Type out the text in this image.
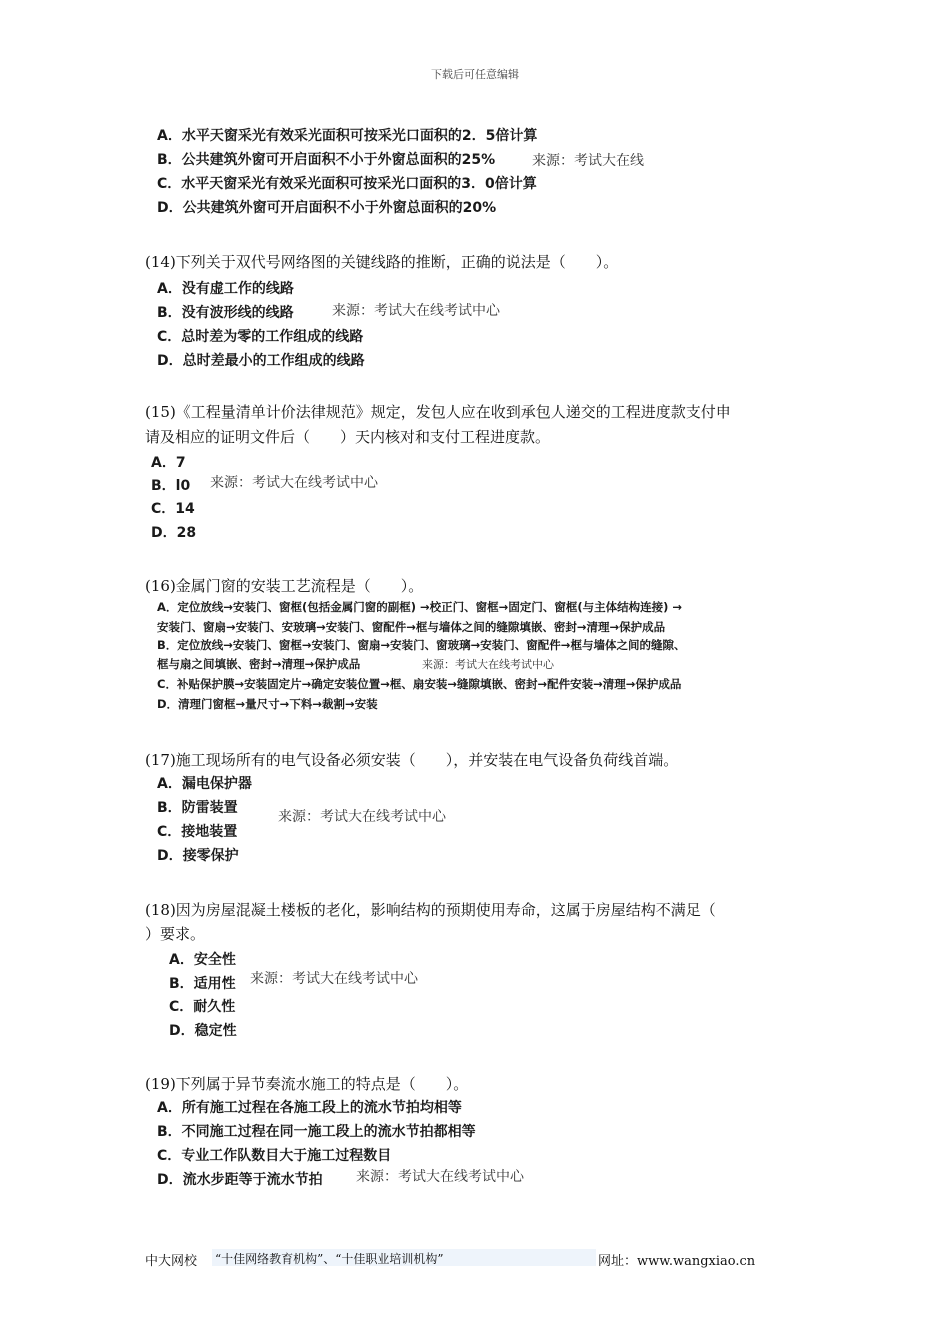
下载后可任意编辑
A．水平天窗采光有效采光面积可按采光口面积的2．5倍计算
B．公共建筑外窗可开启面积不小于外窗总面积的25%	来源：考试大在线
C．水平天窗采光有效采光面积可按采光口面积的3．0倍计算
D．公共建筑外窗可开启面积不小于外窗总面积的20%
(14)下列关于双代号网络图的关键线路的推断，正确的说法是（　　）。
A．没有虚工作的线路
B．没有波形线的线路	来源：考试大在线考试中心
C．总时差为零的工作组成的线路
D．总时差最小的工作组成的线路
(15)《工程量清单计价法律规范》规定，发包人应在收到承包人递交的工程进度款支付申
请及相应的证明文件后（　　）天内核对和支付工程进度款。
A．7
B．l0 来源：考试大在线考试中心
C．14
D．28
(16)金属门窗的安装工艺流程是（　　）。
A．定位放线→安装门、窗框(包括金属门窗的副框) →校正门、窗框→固定门、窗框(与主体结构连接) →
安装门、窗扇→安装门、安玻璃→安装门、窗配件→框与墙体之间的缝隙填嵌、密封→清理→保护成品
B．定位放线→安装门、窗框→安装门、窗扇→安装门、窗玻璃→安装门、窗配件→框与墙体之间的缝隙、
框与扇之间填嵌、密封→清理→保护成品	来源：考试大在线考试中心
C．补贴保护膜→安装固定片→确定安装位置→框、扇安装→缝隙填嵌、密封→配件安装→清理→保护成品
D．清理门窗框→量尺寸→下料→裁割→安装
(17)施工现场所有的电气设备必须安装（　　），并安装在电气设备负荷线首端。
A．漏电保护器
B．防雷装置
来源：考试大在线考试中心
C．接地装置
D．接零保护
(18)因为房屋混凝土楼板的老化，影响结构的预期使用寿命，这属于房屋结构不满足（
）要求。
A．安全性
B．适用性 来源：考试大在线考试中心
C．耐久性
D．稳定性
(19)下列属于异节奏流水施工的特点是（　　）。
A．所有施工过程在各施工段上的流水节拍均相等
B．不同施工过程在同一施工段上的流水节拍都相等
C．专业工作队数目大于施工过程数目
D．流水步距等于流水节拍 来源：考试大在线考试中心
中大网校 “十佳网络教育机构”、“十佳职业培训机构”	网址：www.wangxiao.cn
